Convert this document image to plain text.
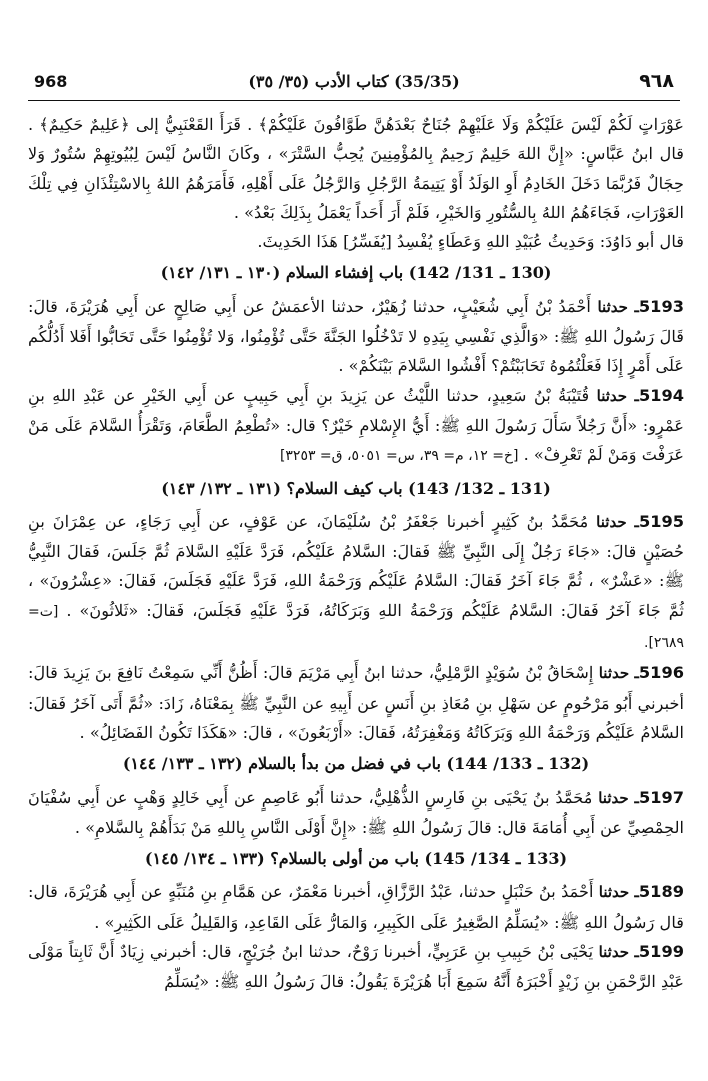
968	(35/35) كتاب الأدب (٣٥/ ٣٥)	٩٦٨

عَوْرَاتٍ لَكُمْ لَيْسَ عَلَيْكُمْ وَلَا عَلَيْهِمْ جُنَاحٌ بَعْدَهُنَّ طَوَّافُونَ عَلَيْكُمْ﴾ . قَرَأَ القَعْنَبِيُّ إلى ﴿عَلِيمٌ حَكِيمٌ﴾ . قال ابنُ عَبَّاسٍ: «إِنَّ اللهَ حَلِيمٌ رَحِيمٌ بِالمُؤْمِنِينَ يُحِبُّ السَّتْرَ» ، وكَانَ النَّاسُ لَيْسَ لِبُيُوتِهِمْ سُتُورٌ وَلا حِجَالٌ فَرُبَّمَا دَخَلَ الخَادِمُ أَوِ الوَلَدُ أَوْ يَتِيمَةُ الرَّجُلِ وَالرَّجُلُ عَلَى أَهْلِهِ، فَأَمَرَهُمُ اللهُ بِالاسْتِئْذَانِ فِي تِلْكَ العَوْرَاتِ، فَجَاءَهُمُ اللهُ بِالسُّتُورِ وَالخَيْرِ، فَلَمْ أَرَ أَحَداً يَعْمَلُ بِذَلِكَ بَعْدُ» .

قال أبو دَاوُدَ: وَحَدِيثُ عُبَيْدِ اللهِ وَعَطَاءٍ يُفْسِدُ [يُفَسِّرُ] هَذَا الحَدِيثَ.

(130 ـ 131/ 142) باب إفشاء السلام (١٣٠ ـ ١٣١/ ١٤٢)

5193ـ حدثنا أَحْمَدُ بْنُ أَبِي شُعَيْبٍ، حدثنا زُهَيْرٌ، حدثنا الأعمَشُ عن أَبِي صَالِحٍ عن أَبِي هُرَيْرَةَ، قالَ: قَالَ رَسُولُ اللهِ ﷺ: «وَالَّذِي نَفْسِي بِيَدِهِ لا تَدْخُلُوا الجَنَّةَ حَتَّى تُؤْمِنُوا، وَلا تُؤْمِنُوا حَتَّى تَحَابُّوا أَفَلا أَدُلُّكُم عَلَى أَمْرٍ إِذَا فَعَلْتُمُوهُ تَحَابَبْتُمْ؟ أَفْشُوا السَّلامَ بَيْنَكُمْ» .

5194ـ حدثنا قُتَيْبَةُ بْنُ سَعِيدٍ، حدثنا اللَّيْثُ عن يَزِيدَ بنِ أَبِي حَبِيبٍ عن أَبِي الخَيْرِ عن عَبْدِ اللهِ بنِ عَمْرٍو: «أَنَّ رَجُلاً سَأَلَ رَسُولَ اللهِ ﷺ: أَيُّ الإِسْلامِ خَيْرٌ؟ قال: «تُطْعِمُ الطَّعَامَ، وَتَقْرَأُ السَّلامَ عَلَى مَنْ عَرَفْتَ وَمَنْ لَمْ تَعْرِفْ» . [خ= ١٢، م= ٣٩، س= ٥٠٥١، ق= ٣٢٥٣]

(131 ـ 132/ 143) باب كيف السلام؟ (١٣١ ـ ١٣٢/ ١٤٣)

5195ـ حدثنا مُحَمَّدُ بنُ كَثِيرٍ أخبرنا جَعْفَرُ بْنُ سُلَيْمَانَ، عن عَوْفٍ، عن أَبِي رَجَاءٍ، عن عِمْرَانَ بنِ حُصَيْنٍ قالَ: «جَاءَ رَجُلٌ إِلَى النَّبِيِّ ﷺ فَقالَ: السَّلامُ عَلَيْكُم، فَرَدَّ عَلَيْهِ السَّلامَ ثُمَّ جَلَسَ، فَقالَ النَّبِيُّ ﷺ: «عَشْرٌ» ، ثُمَّ جَاءَ آخَرُ فَقالَ: السَّلامُ عَلَيْكُم وَرَحْمَةُ اللهِ، فَرَدَّ عَلَيْهِ فَجَلَسَ، فَقالَ: «عِشْرُونَ» ، ثُمَّ جَاءَ آخَرُ فَقالَ: السَّلامُ عَلَيْكُم وَرَحْمَةُ اللهِ وَبَرَكَاتُهُ، فَرَدَّ عَلَيْهِ فَجَلَسَ، فَقالَ: «ثَلاثُونَ» . [ت= ٢٦٨٩].

5196ـ حدثنا إِسْحَاقُ بْنُ سُوَيْدٍ الرَّمْلِيُّ، حدثنا ابنُ أَبِي مَرْيَمَ قالَ: أَظُنُّ أَنِّي سَمِعْتُ نَافِعَ بنَ يَزِيدَ قالَ: أخبرني أَبُو مَرْحُومٍ عن سَهْلِ بنِ مُعَاذِ بنِ أَنَسٍ عن أَبِيهِ عن النَّبِيِّ ﷺ بِمَعْنَاهُ، زَادَ: «ثُمَّ أَتَى آخَرُ فَقالَ: السَّلامُ عَلَيْكُم وَرَحْمَةُ اللهِ وَبَرَكَاتُهُ وَمَغْفِرَتُهُ، فَقالَ: «أَرْبَعُونَ» ، قالَ: «هَكَذَا تَكُونُ الفَضَائِلُ» .

(132 ـ 133/ 144) باب في فضل من بدأ بالسلام (١٣٢ ـ ١٣٣/ ١٤٤)

5197ـ حدثنا مُحَمَّدُ بنُ يَحْيَى بنِ فَارِسٍ الذُّهْلِيُّ، حدثنا أَبُو عَاصِمٍ عن أَبِي خَالِدٍ وَهْبٍ عن أَبِي سُفْيَانَ الحِمْصِيِّ عن أَبِي أُمَامَةَ قال: قالَ رَسُولُ اللهِ ﷺ: «إِنَّ أَوْلَى النَّاسِ بِاللهِ مَنْ بَدَأَهُمْ بِالسَّلامِ» .

(133 ـ 134/ 145) باب من أولى بالسلام؟ (١٣٣ ـ ١٣٤/ ١٤٥)

5189ـ حدثنا أَحْمَدُ بنُ حَنْبَلٍ حدثنا، عَبْدُ الرَّزَّاقِ، أخبرنا مَعْمَرٌ، عن هَمَّامِ بنِ مُنَبِّهٍ عن أَبِي هُرَيْرَةَ، قال: قال رَسُولُ اللهِ ﷺ: «يُسَلِّمُ الصَّغِيرُ عَلَى الكَبِيرِ، وَالمَارُّ عَلَى القَاعِدِ، وَالقَلِيلُ عَلَى الكَثِيرِ» .

5199ـ حدثنا يَحْيَى بْنُ حَبِيبِ بنِ عَرَبِيٍّ، أخبرنا رَوْحٌ، حدثنا ابنُ جُرَيْجٍ، قال: أخبرني زِيَادٌ أَنَّ ثَابِتاً مَوْلَى عَبْدِ الرَّحْمَنِ بنِ زَيْدٍ أَخْبَرَهُ أَنَّهُ سَمِعَ أَبَا هُرَيْرَةَ يَقُولُ: قالَ رَسُولُ اللهِ ﷺ: «يُسَلِّمُ
